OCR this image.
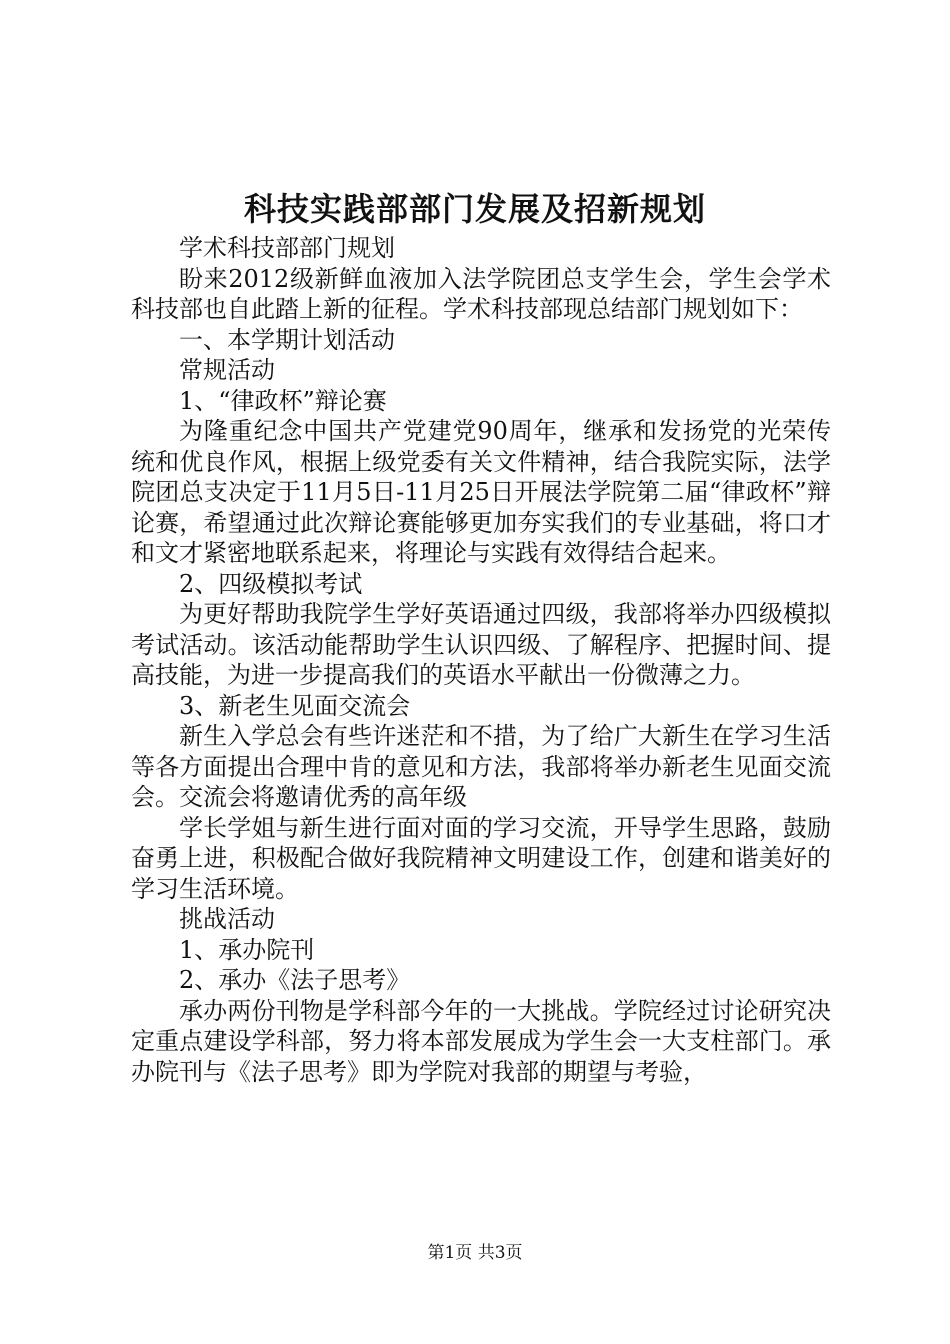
科技实践部部门发展及招新规划

学术科技部部门规划

盼来2012级新鲜血液加入法学院团总支学生会，学生会学术科技部也自此踏上新的征程。学术科技部现总结部门规划如下：

一、本学期计划活动

常规活动

1、“律政杯”辩论赛

为隆重纪念中国共产党建党90周年，继承和发扬党的光荣传统和优良作风，根据上级党委有关文件精神，结合我院实际，法学院团总支决定于11月5日-11月25日开展法学院第二届“律政杯”辩论赛，希望通过此次辩论赛能够更加夯实我们的专业基础，将口才和文才紧密地联系起来，将理论与实践有效得结合起来。

2、四级模拟考试

为更好帮助我院学生学好英语通过四级，我部将举办四级模拟考试活动。该活动能帮助学生认识四级、了解程序、把握时间、提高技能，为进一步提高我们的英语水平献出一份微薄之力。

3、新老生见面交流会

新生入学总会有些许迷茫和不措，为了给广大新生在学习生活等各方面提出合理中肯的意见和方法，我部将举办新老生见面交流会。交流会将邀请优秀的高年级

学长学姐与新生进行面对面的学习交流，开导学生思路，鼓励奋勇上进，积极配合做好我院精神文明建设工作，创建和谐美好的学习生活环境。

挑战活动

1、承办院刊

2、承办《法子思考》

承办两份刊物是学科部今年的一大挑战。学院经过讨论研究决定重点建设学科部，努力将本部发展成为学生会一大支柱部门。承办院刊与《法子思考》即为学院对我部的期望与考验，

第1页 共3页
